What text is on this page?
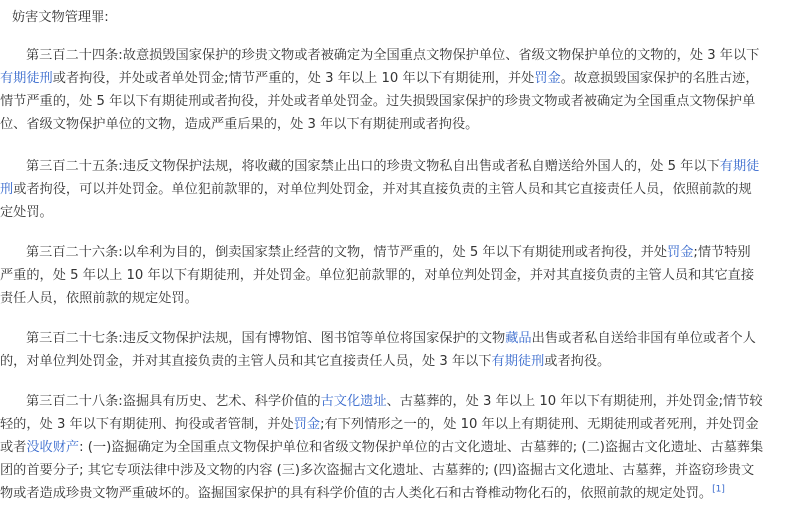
妨害文物管理罪:
第三百二十四条:故意损毁国家保护的珍贵文物或者被确定为全国重点文物保护单位、省级文物保护单位的文物的，处 3 年以下
有期徒刑或者拘役，并处或者单处罚金;情节严重的，处 3 年以上 10 年以下有期徒刑，并处罚金。故意损毁国家保护的名胜古迹，
情节严重的，处 5 年以下有期徒刑或者拘役，并处或者单处罚金。过失损毁国家保护的珍贵文物或者被确定为全国重点文物保护单
位、省级文物保护单位的文物，造成严重后果的，处 3 年以下有期徒刑或者拘役。
第三百二十五条:违反文物保护法规，将收藏的国家禁止出口的珍贵文物私自出售或者私自赠送给外国人的，处 5 年以下有期徒
刑或者拘役，可以并处罚金。单位犯前款罪的，对单位判处罚金，并对其直接负责的主管人员和其它直接责任人员，依照前款的规
定处罚。
第三百二十六条:以牟利为目的，倒卖国家禁止经营的文物，情节严重的，处 5 年以下有期徒刑或者拘役，并处罚金;情节特别
严重的，处 5 年以上 10 年以下有期徒刑，并处罚金。单位犯前款罪的，对单位判处罚金，并对其直接负责的主管人员和其它直接
责任人员，依照前款的规定处罚。
第三百二十七条:违反文物保护法规，国有博物馆、图书馆等单位将国家保护的文物藏品出售或者私自送给非国有单位或者个人
的，对单位判处罚金，并对其直接负责的主管人员和其它直接责任人员，处 3 年以下有期徒刑或者拘役。
第三百二十八条:盗掘具有历史、艺术、科学价值的古文化遗址、古墓葬的，处 3 年以上 10 年以下有期徒刑，并处罚金;情节较
轻的，处 3 年以下有期徒刑、拘役或者管制，并处罚金;有下列情形之一的，处 10 年以上有期徒刑、无期徒刑或者死刑，并处罚金
或者没收财产: (一)盗掘确定为全国重点文物保护单位和省级文物保护单位的古文化遗址、古墓葬的; (二)盗掘古文化遗址、古墓葬集
团的首要分子; 其它专项法律中涉及文物的内容 (三)多次盗掘古文化遗址、古墓葬的; (四)盗掘古文化遗址、古墓葬，并盗窃珍贵文
物或者造成珍贵文物严重破坏的。盗掘国家保护的具有科学价值的古人类化石和古脊椎动物化石的，依照前款的规定处罚。[1]
